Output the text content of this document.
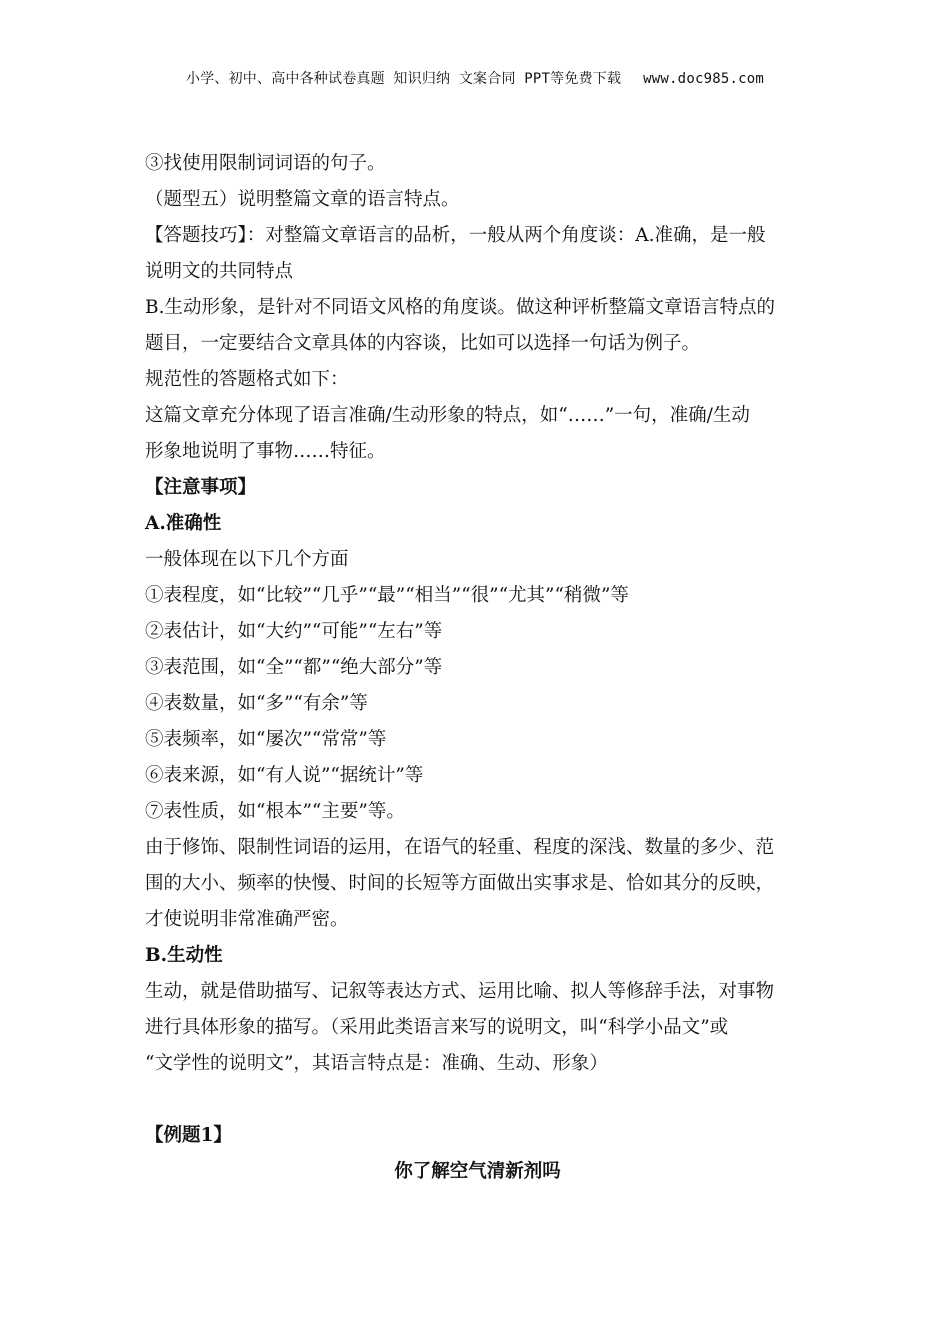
小学、初中、高中各种试卷真题 知识归纳 文案合同 PPT等免费下载 www.doc985.com
③找使用限制词词语的句子。
（题型五）说明整篇文章的语言特点。
【答题技巧】：对整篇文章语言的品析，一般从两个角度谈：A.准确，是一般
说明文的共同特点
B.生动形象，是针对不同语文风格的角度谈。做这种评析整篇文章语言特点的
题目，一定要结合文章具体的内容谈，比如可以选择一句话为例子。
规范性的答题格式如下：
这篇文章充分体现了语言准确/生动形象的特点，如“……”一句，准确/生动
形象地说明了事物……特征。
【注意事项】
A.准确性
一般体现在以下几个方面
①表程度，如“比较”“几乎”“最”“相当”“很”“尤其”“稍微”等
②表估计，如“大约”“可能”“左右”等
③表范围，如“全”“都”“绝大部分”等
④表数量，如“多”“有余”等
⑤表频率，如“屡次”“常常”等
⑥表来源，如“有人说”“据统计”等
⑦表性质，如“根本”“主要”等。
由于修饰、限制性词语的运用，在语气的轻重、程度的深浅、数量的多少、范
围的大小、频率的快慢、时间的长短等方面做出实事求是、恰如其分的反映，
才使说明非常准确严密。
B.生动性
生动，就是借助描写、记叙等表达方式、运用比喻、拟人等修辞手法，对事物
进行具体形象的描写。（采用此类语言来写的说明文，叫“科学小品文”或
“文学性的说明文”，其语言特点是：准确、生动、形象）
【例题1】
你了解空气清新剂吗
